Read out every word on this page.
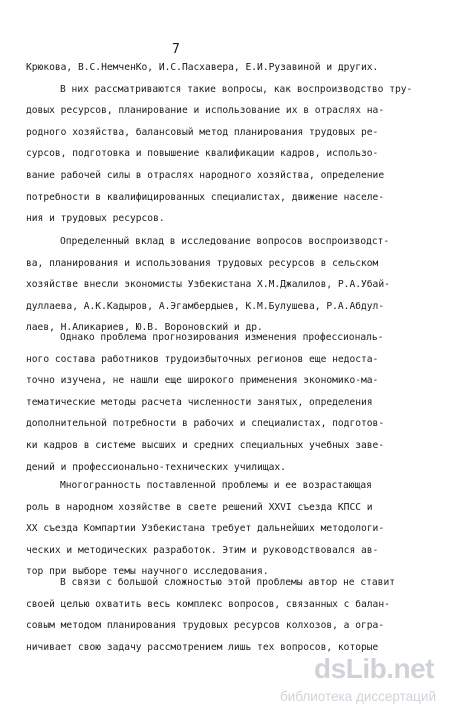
7
Крюкова, В.С.НемченКо, И.С.Пасхавера, Е.И.Рузавиной и других.
В них рассматриваются такие вопросы, как воспроизводство тру-
довых ресурсов, планирование и использование их в отраслях на-
родного хозяйства, балансовый метод планирования трудовых ре-
сурсов, подготовка и повышение квалификации кадров, использо-
вание рабочей силы в отраслях народного хозяйства, определение
потребности в квалифицированных специалистах, движение населе-
ния и трудовых ресурсов.
Определенный вклад в исследование вопросов воспроизводст-
ва, планирования и использования трудовых ресурсов в сельском
хозяйстве внесли экономисты Узбекистана Х.М.Джалилов, Р.А.Убай-
дуллаева, А.К.Кадыров, А.Эгамбердыев, К.М.Булушева, Р.А.Абдул-
лаев, Н.Аликариев, Ю.В. Вороновский и др.
Однако проблема прогнозирования изменения профессиональ-
ного состава работников трудоизбыточных регионов еще недоста-
точно изучена, не нашли еще широкого применения экономико-ма-
тематические методы расчета численности занятых, определения
дополнительной потребности в рабочих и специалистах, подготов-
ки кадров в системе высших и средних специальных учебных заве-
дений и профессионально-технических училищах.
Многогранность поставленной проблемы и ее возрастающая
роль в народном хозяйстве в свете решений ХХVI съезда КПСС и
ХХ съезда Компартии Узбекистана требует дальнейших методологи-
ческих и методических разработок. Этим и руководствовался ав-
тор при выборе темы научного исследования.
В связи с большой сложностью этой проблемы автор не ставит
своей целью охватить весь комплекс вопросов, связанных с балан-
совым методом планирования трудовых ресурсов колхозов, а огра-
ничивает свою задачу рассмотрением лишь тех вопросов, которые
dsLib.net
библиотека диссертаций
